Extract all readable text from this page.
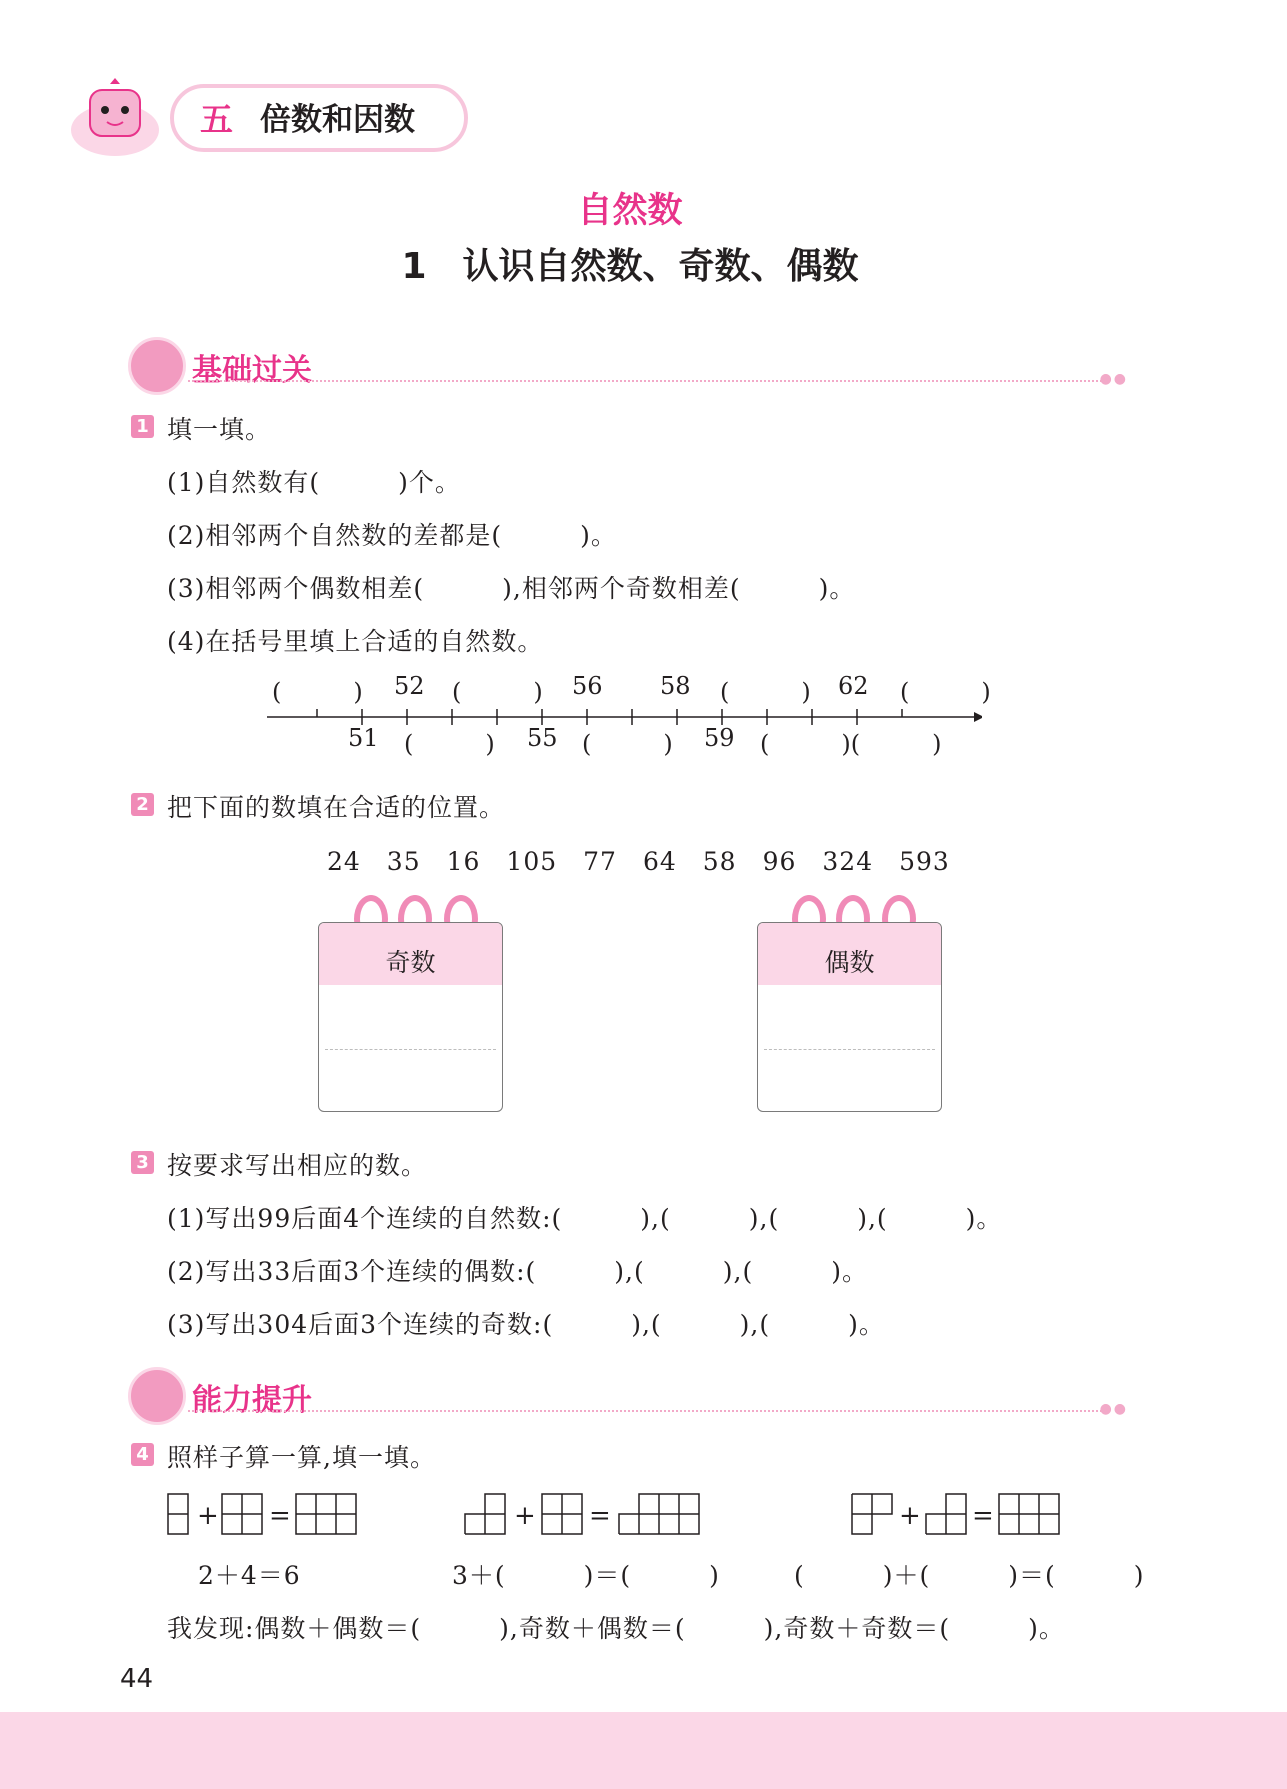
五 倍数和因数
自然数
1　认识自然数、奇数、偶数
基础过关	●●
1 填一填。
(1)自然数有(　　　)个。
(2)相邻两个自然数的差都是(　　　)。
(3)相邻两个偶数相差(　　　),相邻两个奇数相差(　　　)。
(4)在括号里填上合适的自然数。
(　　　) 52 (　　　) 56 58 (　　　) 62 (　　　)
51 (　　　) 55 (　　　) 59 (　　　)(　　　)
2 把下面的数填在合适的位置。
24　35　16　105　77　64　58　96　324　593
奇数	偶数
3 按要求写出相应的数。
(1)写出99后面4个连续的自然数:(　　　),(　　　),(　　　),(　　　)。
(2)写出33后面3个连续的偶数:(　　　),(　　　),(　　　)。
(3)写出304后面3个连续的奇数:(　　　),(　　　),(　　　)。
能力提升	●●
4 照样子算一算,填一填。
+ =	+ =	+ =
2＋4＝6	3＋(　　　)＝(　　　)	(　　　)＋(　　　)＝(　　　)
我发现:偶数＋偶数＝(　　　),奇数＋偶数＝(　　　),奇数＋奇数＝(　　　)。
44
